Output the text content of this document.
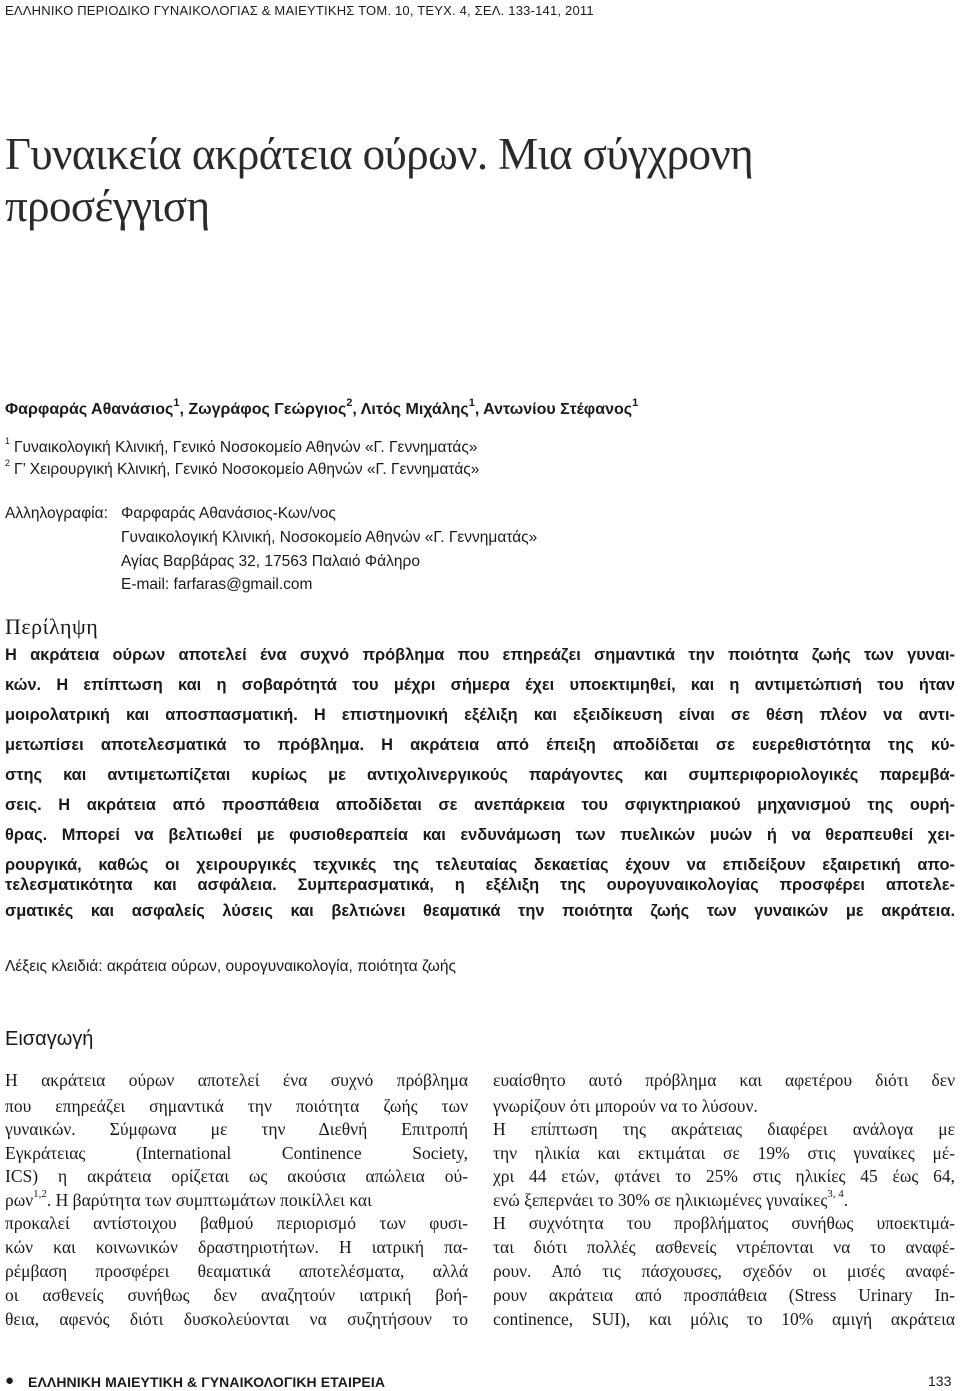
ΕΛΛΗΝΙΚΟ ΠΕΡΙΟΔΙΚΟ ΓΥΝΑΙΚΟΛΟΓΙΑΣ & ΜΑΙΕΥΤΙΚΗΣ ΤΟΜ. 10, ΤΕΥΧ. 4, ΣΕΛ. 133-141, 2011
Γυναικεία ακράτεια ούρων. Μια σύγχρονη προσέγγιση
Φαρφαράς Αθανάσιος$^1$, Ζωγράφος Γεώργιος$^2$, Λιτός Μιχάλης$^1$, Αντωνίου Στέφανος$^1$
$^1$ Γυναικολογική Κλινική, Γενικό Νοσοκομείο Αθηνών «Γ. Γεννηματάς»
$^2$ Γ’ Χειρουργική Κλινική, Γενικό Νοσοκομείο Αθηνών «Γ. Γεννηματάς»
Αλληλογραφία: Φαρφαράς Αθανάσιος-Κων/νος
Γυναικολογική Κλινική, Νοσοκομείο Αθηνών «Γ. Γεννηματάς»
Αγίας Βαρβάρας 32, 17563 Παλαιό Φάληρο
E-mail: farfaras@gmail.com
Περίληψη
Η ακράτεια ούρων αποτελεί ένα συχνό πρόβλημα που επηρεάζει σημαντικά την ποιότητα ζωής των γυναι-
κών. Η επίπτωση και η σοβαρότητά του μέχρι σήμερα έχει υποεκτιμηθεί, και η αντιμετώπισή του ήταν
μοιρολατρική και αποσπασματική. Η επιστημονική εξέλιξη και εξειδίκευση είναι σε θέση πλέον να αντι-
μετωπίσει αποτελεσματικά το πρόβλημα. Η ακράτεια από έπειξη αποδίδεται σε ευερεθιστότητα της κύ-
στης και αντιμετωπίζεται κυρίως με αντιχολινεργικούς παράγοντες και συμπεριφοριολογικές παρεμβά-
σεις. Η ακράτεια από προσπάθεια αποδίδεται σε ανεπάρκεια του σφιγκτηριακού μηχανισμού της ουρή-
θρας. Μπορεί να βελτιωθεί με φυσιοθεραπεία και ενδυνάμωση των πυελικών μυών ή να θεραπευθεί χει-
ρουργικά, καθώς οι χειρουργικές τεχνικές της τελευταίας δεκαετίας έχουν να επιδείξουν εξαιρετική απο-
τελεσματικότητα και ασφάλεια. Συμπερασματικά, η εξέλιξη της ουρογυναικολογίας προσφέρει αποτελε-
σματικές και ασφαλείς λύσεις και βελτιώνει θεαματικά την ποιότητα ζωής των γυναικών με ακράτεια.
Λέξεις κλειδιά: ακράτεια ούρων, ουρογυναικολογία, ποιότητα ζωής
Εισαγωγή
Η ακράτεια ούρων αποτελεί ένα συχνό πρόβλημα
που επηρεάζει σημαντικά την ποιότητα ζωής των
γυναικών. Σύμφωνα με την Διεθνή Επιτροπή
Εγκράτειας (International Continence Society,
ICS) η ακράτεια ορίζεται ως ακούσια απώλεια ού-
ρων$^{1,2}$. Η βαρύτητα των συμπτωμάτων ποικίλλει και
προκαλεί αντίστοιχου βαθμού περιορισμό των φυσι-
κών και κοινωνικών δραστηριοτήτων. Η ιατρική πα-
ρέμβαση προσφέρει θεαματικά αποτελέσματα, αλλά
οι ασθενείς συνήθως δεν αναζητούν ιατρική βοή-
θεια, αφενός διότι δυσκολεύονται να συζητήσουν το
ευαίσθητο αυτό πρόβλημα και αφετέρου διότι δεν
γνωρίζουν ότι μπορούν να το λύσουν.
Η επίπτωση της ακράτειας διαφέρει ανάλογα με
την ηλικία και εκτιμάται σε 19% στις γυναίκες μέ-
χρι 44 ετών, φτάνει το 25% στις ηλικίες 45 έως 64,
ενώ ξεπερνάει το 30% σε ηλικιωμένες γυναίκες$^{3, 4}$.
Η συχνότητα του προβλήματος συνήθως υποεκτιμά-
ται διότι πολλές ασθενείς ντρέπονται να το αναφέ-
ρουν. Από τις πάσχουσες, σχεδόν οι μισές αναφέ-
ρουν ακράτεια από προσπάθεια (Stress Urinary In-
continence, SUI), και μόλις το 10% αμιγή ακράτεια
● ΕΛΛΗΝΙΚΗ ΜΑΙΕΥΤΙΚΗ & ΓΥΝΑΙΚΟΛΟΓΙΚΗ ΕΤΑΙΡΕΙΑ	133
